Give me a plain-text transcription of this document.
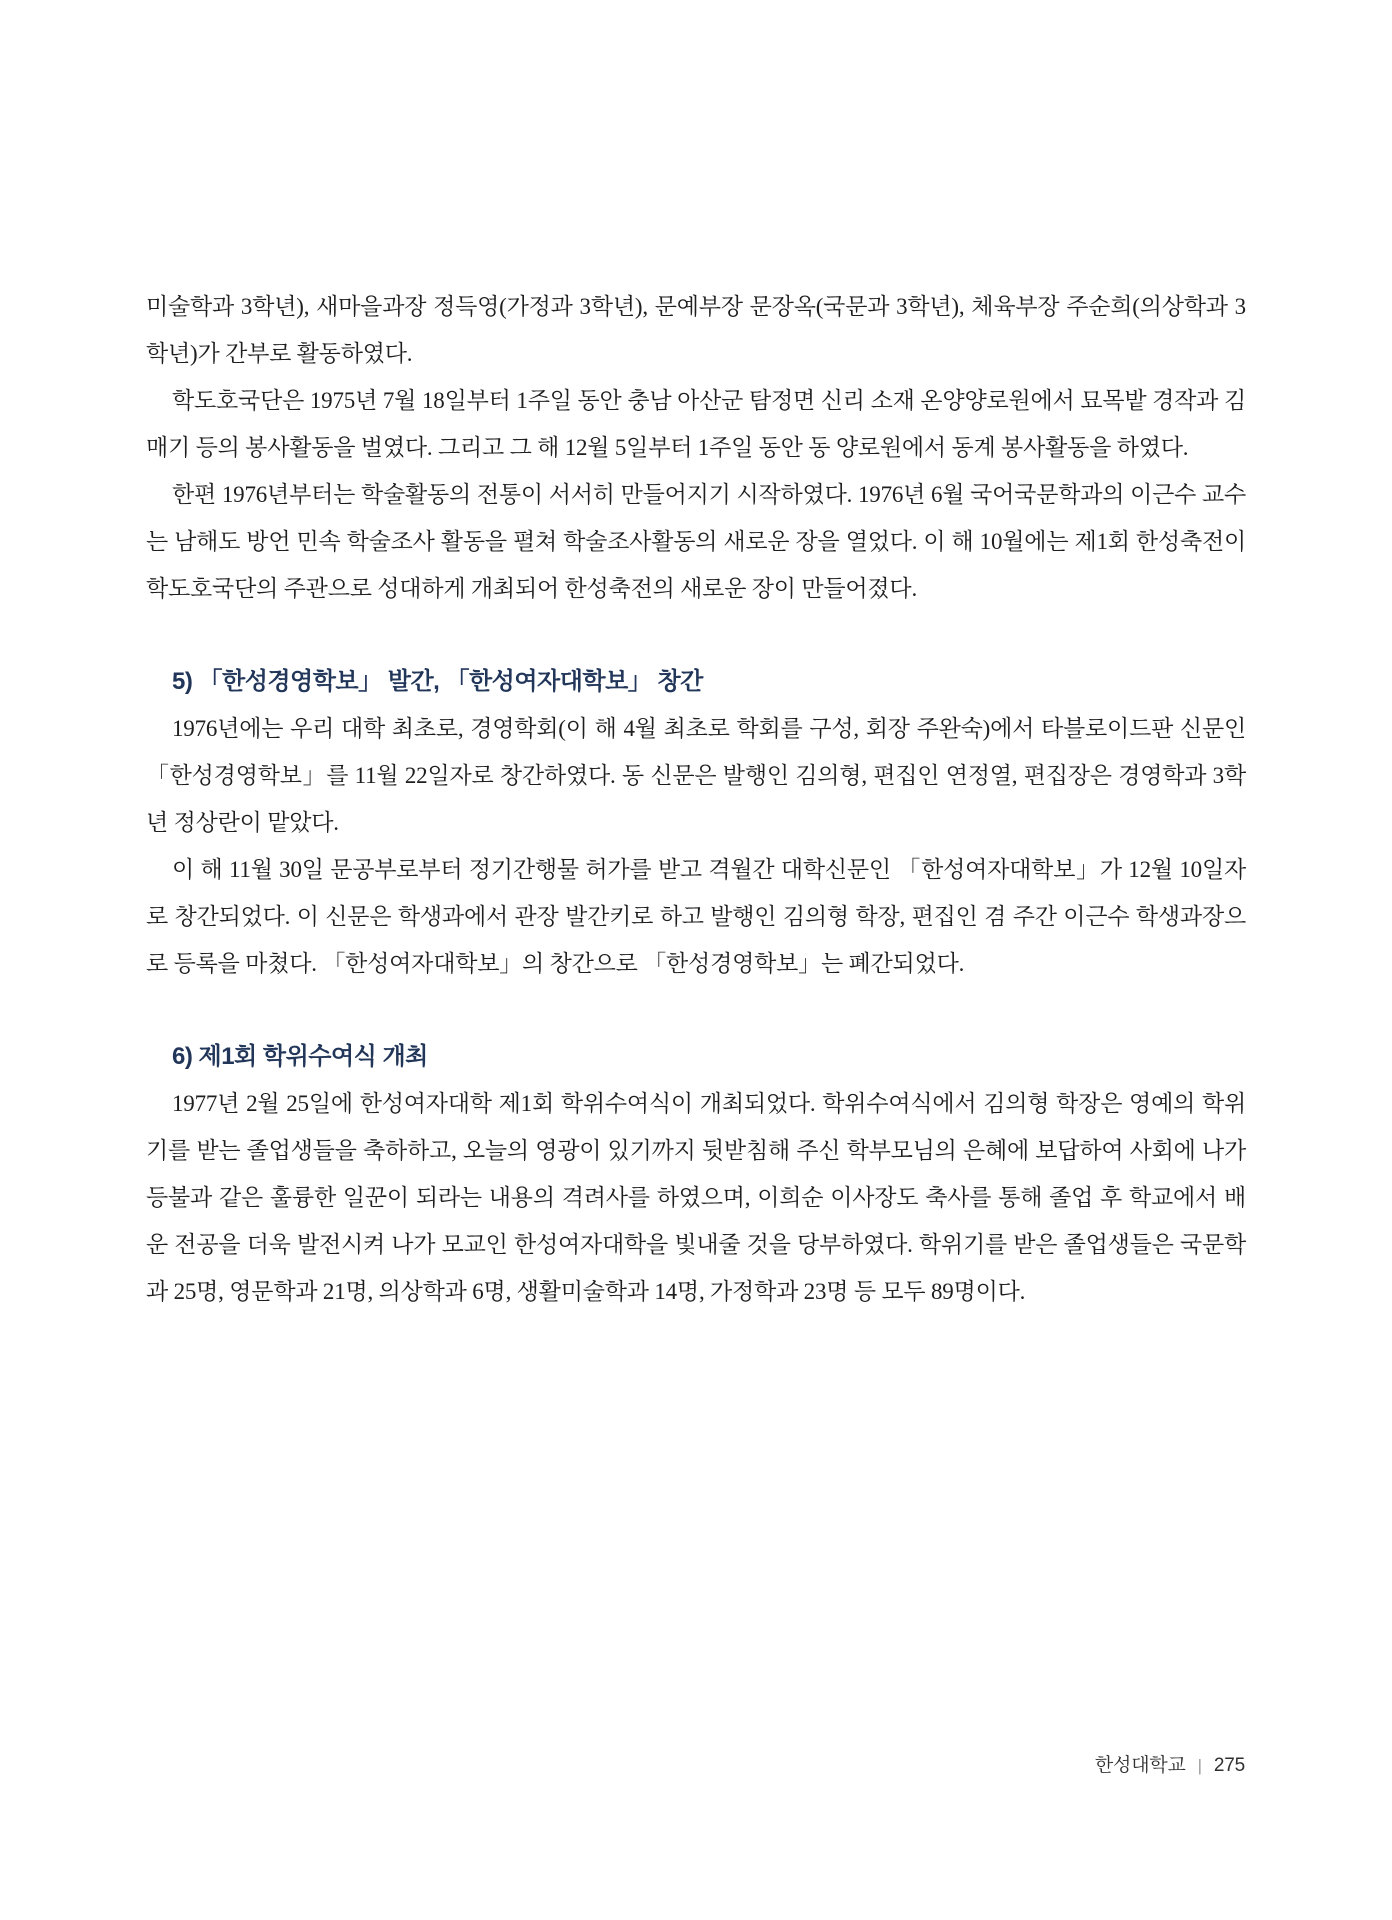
미술학과 3학년), 새마을과장 정득영(가정과 3학년), 문예부장 문장옥(국문과 3학년), 체육부장 주순희(의상학과 3학년)가 간부로 활동하였다.

학도호국단은 1975년 7월 18일부터 1주일 동안 충남 아산군 탐정면 신리 소재 온양양로원에서 묘목밭 경작과 김매기 등의 봉사활동을 벌였다. 그리고 그 해 12월 5일부터 1주일 동안 동 양로원에서 동계 봉사활동을 하였다.

한편 1976년부터는 학술활동의 전통이 서서히 만들어지기 시작하였다. 1976년 6월 국어국문학과의 이근수 교수는 남해도 방언 민속 학술조사 활동을 펼쳐 학술조사활동의 새로운 장을 열었다. 이 해 10월에는 제1회 한성축전이 학도호국단의 주관으로 성대하게 개최되어 한성축전의 새로운 장이 만들어졌다.

5) 「한성경영학보」 발간, 「한성여자대학보」 창간

1976년에는 우리 대학 최초로, 경영학회(이 해 4월 최초로 학회를 구성, 회장 주완숙)에서 타블로이드판 신문인 「한성경영학보」를 11월 22일자로 창간하였다. 동 신문은 발행인 김의형, 편집인 연정열, 편집장은 경영학과 3학년 정상란이 맡았다.

이 해 11월 30일 문공부로부터 정기간행물 허가를 받고 격월간 대학신문인 「한성여자대학보」가 12월 10일자로 창간되었다. 이 신문은 학생과에서 관장 발간키로 하고 발행인 김의형 학장, 편집인 겸 주간 이근수 학생과장으로 등록을 마쳤다. 「한성여자대학보」의 창간으로 「한성경영학보」는 폐간되었다.

6) 제1회 학위수여식 개최

1977년 2월 25일에 한성여자대학 제1회 학위수여식이 개최되었다. 학위수여식에서 김의형 학장은 영예의 학위기를 받는 졸업생들을 축하하고, 오늘의 영광이 있기까지 뒷받침해 주신 학부모님의 은혜에 보답하여 사회에 나가 등불과 같은 훌륭한 일꾼이 되라는 내용의 격려사를 하였으며, 이희순 이사장도 축사를 통해 졸업 후 학교에서 배운 전공을 더욱 발전시켜 나가 모교인 한성여자대학을 빛내줄 것을 당부하였다. 학위기를 받은 졸업생들은 국문학과 25명, 영문학과 21명, 의상학과 6명, 생활미술학과 14명, 가정학과 23명 등 모두 89명이다.

한성대학교 | 275
